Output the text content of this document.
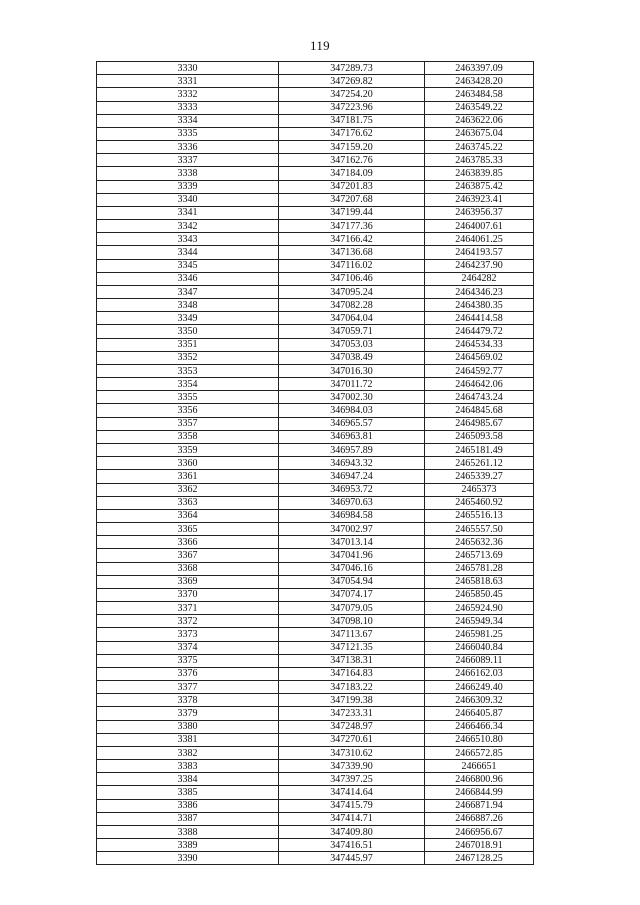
119
3330	347289.73	2463397.09
3331	347269.82	2463428.20
3332	347254.20	2463484.58
3333	347223.96	2463549.22
3334	347181.75	2463622.06
3335	347176.62	2463675.04
3336	347159.20	2463745.22
3337	347162.76	2463785.33
3338	347184.09	2463839.85
3339	347201.83	2463875.42
3340	347207.68	2463923.41
3341	347199.44	2463956.37
3342	347177.36	2464007.61
3343	347166.42	2464061.25
3344	347136.68	2464193.57
3345	347116.02	2464237.90
3346	347106.46	2464282
3347	347095.24	2464346.23
3348	347082.28	2464380.35
3349	347064.04	2464414.58
3350	347059.71	2464479.72
3351	347053.03	2464534.33
3352	347038.49	2464569.02
3353	347016.30	2464592.77
3354	347011.72	2464642.06
3355	347002.30	2464743.24
3356	346984.03	2464845.68
3357	346965.57	2464985.67
3358	346963.81	2465093.58
3359	346957.89	2465181.49
3360	346943.32	2465261.12
3361	346947.24	2465339.27
3362	346953.72	2465373
3363	346970.63	2465460.92
3364	346984.58	2465516.13
3365	347002.97	2465557.50
3366	347013.14	2465632.36
3367	347041.96	2465713.69
3368	347046.16	2465781.28
3369	347054.94	2465818.63
3370	347074.17	2465850.45
3371	347079.05	2465924.90
3372	347098.10	2465949.34
3373	347113.67	2465981.25
3374	347121.35	2466040.84
3375	347138.31	2466089.11
3376	347164.83	2466162.03
3377	347183.22	2466249.40
3378	347199.38	2466309.32
3379	347233.31	2466405.87
3380	347248.97	2466466.34
3381	347270.61	2466510.80
3382	347310.62	2466572.85
3383	347339.90	2466651
3384	347397.25	2466800.96
3385	347414.64	2466844.99
3386	347415.79	2466871.94
3387	347414.71	2466887.26
3388	347409.80	2466956.67
3389	347416.51	2467018.91
3390	347445.97	2467128.25
